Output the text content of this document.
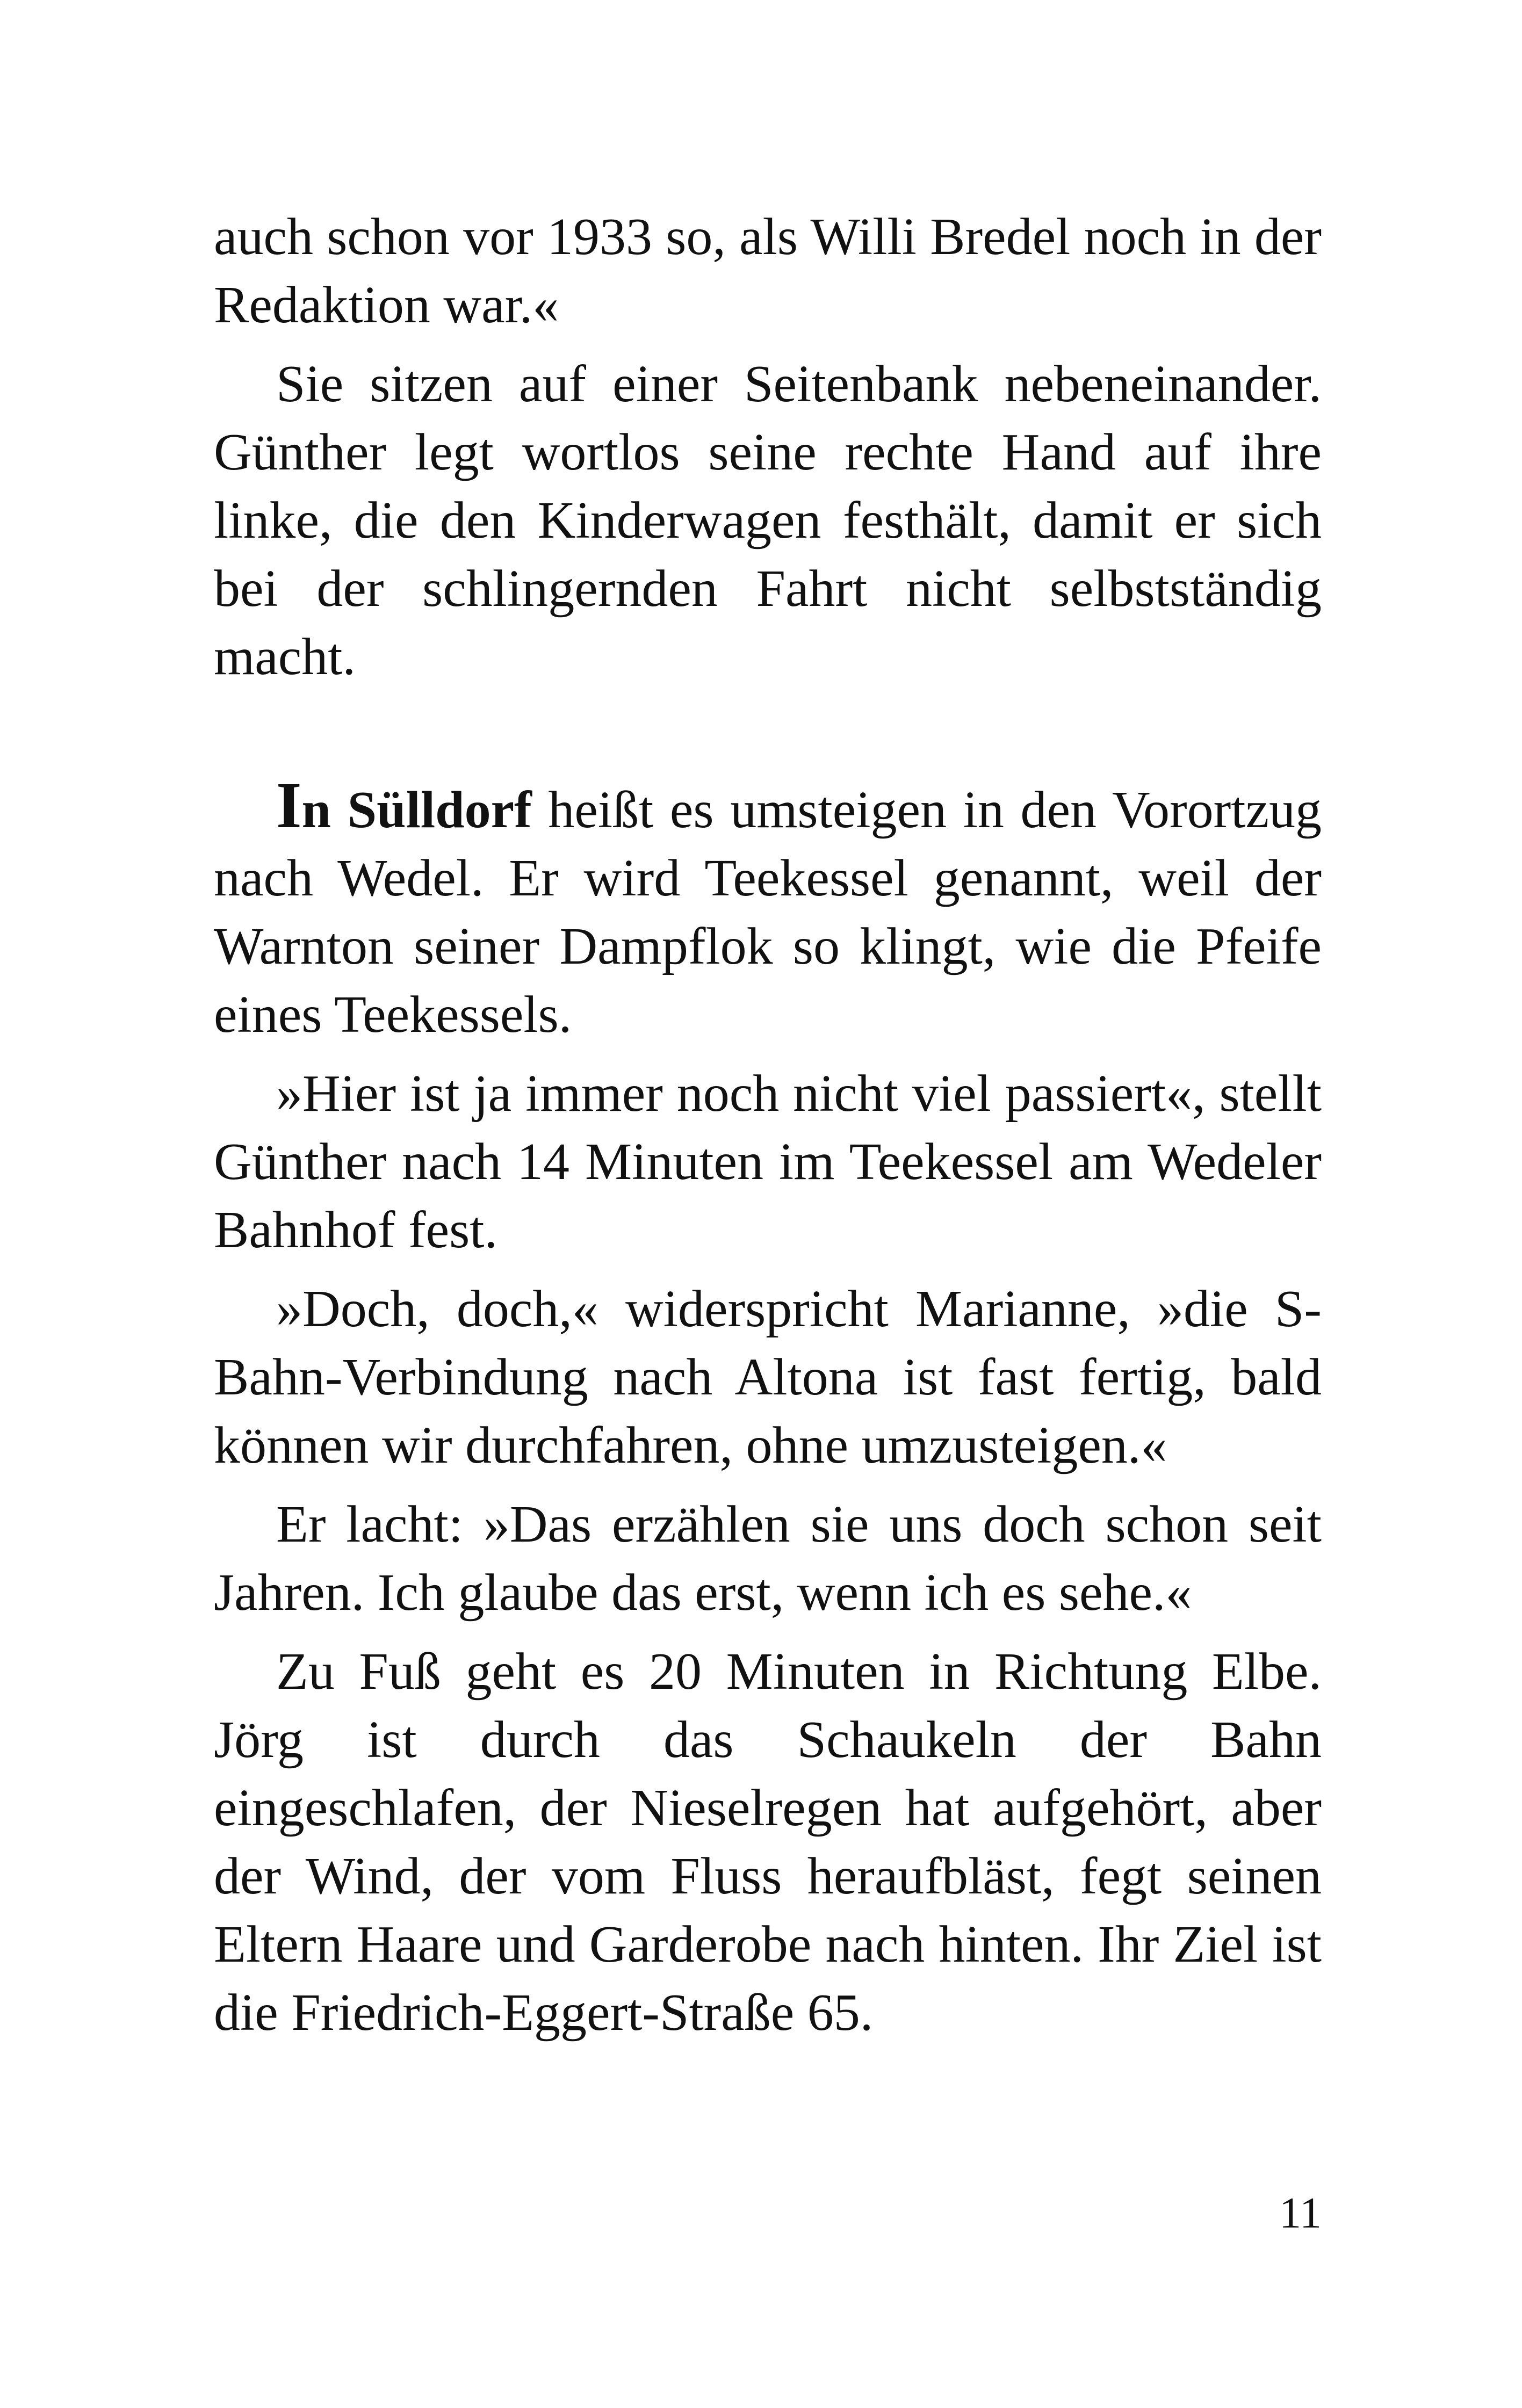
auch schon vor 1933 so, als Willi Bredel noch in der Redaktion war.«

Sie sitzen auf einer Seitenbank nebeneinander. Günther legt wortlos seine rechte Hand auf ihre linke, die den Kinderwagen festhält, damit er sich bei der schlingernden Fahrt nicht selbstständig macht.

In Sülldorf heißt es umsteigen in den Vorortzug nach Wedel. Er wird Teekessel genannt, weil der Warnton seiner Dampflok so klingt, wie die Pfeife eines Teekessels.

»Hier ist ja immer noch nicht viel passiert«, stellt Günther nach 14 Minuten im Teekessel am Wedeler Bahnhof fest.

»Doch, doch,« widerspricht Marianne, »die S-Bahn-Verbindung nach Altona ist fast fertig, bald können wir durchfahren, ohne umzusteigen.«

Er lacht: »Das erzählen sie uns doch schon seit Jahren. Ich glaube das erst, wenn ich es sehe.«

Zu Fuß geht es 20 Minuten in Richtung Elbe. Jörg ist durch das Schaukeln der Bahn eingeschlafen, der Nieselregen hat aufgehört, aber der Wind, der vom Fluss heraufbläst, fegt seinen Eltern Haare und Garderobe nach hinten. Ihr Ziel ist die Friedrich-Eggert-Straße 65.

11
